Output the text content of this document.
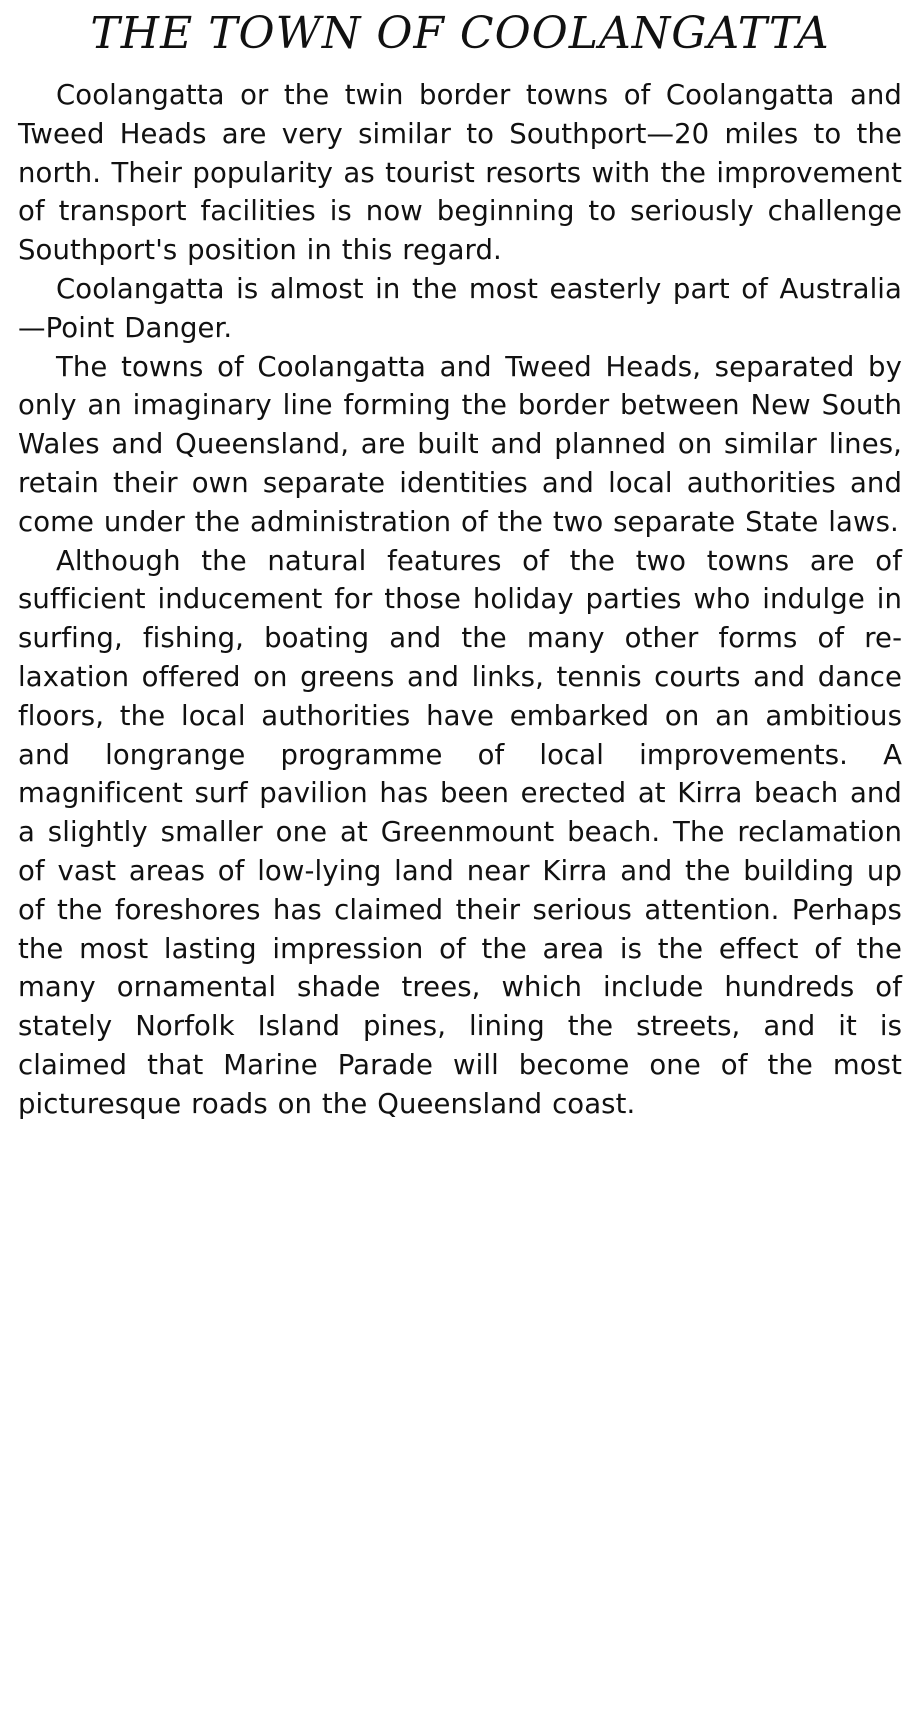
THE TOWN OF COOLANGATTA

Coolangatta or the twin border towns of Coolangatta and Tweed Heads are very similar to Southport—20 miles to the north. Their popularity as tourist resorts with the improvement of transport facilities is now beginning to seriously challenge Southport's position in this regard.

Coolangatta is almost in the most easterly part of Australia—Point Danger.

The towns of Coolangatta and Tweed Heads, separated by only an imaginary line forming the border between New South Wales and Queensland, are built and planned on similar lines, retain their own separate identities and local authorities and come under the administration of the two separate State laws.

Although the natural features of the two towns are of sufficient inducement for those holiday parties who indulge in surfing, fishing, boating and the many other forms of relaxation offered on greens and links, tennis courts and dance floors, the local authorities have embarked on an ambitious and longrange programme of local improvements. A magnificent surf pavilion has been erected at Kirra beach and a slightly smaller one at Greenmount beach. The reclamation of vast areas of low-lying land near Kirra and the building up of the foreshores has claimed their serious attention. Perhaps the most lasting impression of the area is the effect of the many ornamental shade trees, which include hundreds of stately Norfolk Island pines, lining the streets, and it is claimed that Marine Parade will become one of the most picturesque roads on the Queensland coast.
